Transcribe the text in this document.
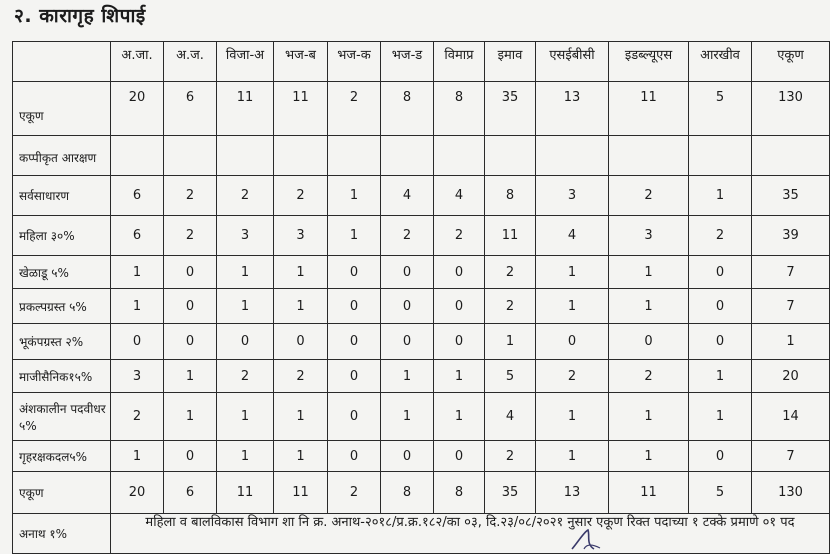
२. कारागृह शिपाई
	अ.जा.	अ.ज.	विजा-अ	भज-ब	भज-क	भज-ड	विमाप्र	इमाव	एसईबीसी	इडब्ल्यूएस	आरखीव	एकूण
एकूण	20	6	11	11	2	8	8	35	13	11	5	130
कप्पीकृत आरक्षण												
सर्वसाधारण	6	2	2	2	1	4	4	8	3	2	1	35
महिला ३०%	6	2	3	3	1	2	2	11	4	3	2	39
खेळाडू ५%	1	0	1	1	0	0	0	2	1	1	0	7
प्रकल्पग्रस्त ५%	1	0	1	1	0	0	0	2	1	1	0	7
भूकंपग्रस्त २%	0	0	0	0	0	0	0	1	0	0	0	1
माजीसैनिक१५%	3	1	2	2	0	1	1	5	2	2	1	20
अंशकालीन पदवीधर ५%	2	1	1	1	0	1	1	4	1	1	1	14
गृहरक्षकदल५%	1	0	1	1	0	0	0	2	1	1	0	7
एकूण	20	6	11	11	2	8	8	35	13	11	5	130
अनाथ १%	महिला व बालविकास विभाग शा नि क्र. अनाथ-२०१८/प्र.क्र.१८२/का ०३, दि.२३/०८/२०२१ नुसार एकूण रिक्त पदाच्या १ टक्के प्रमाणे ०१ पद											
